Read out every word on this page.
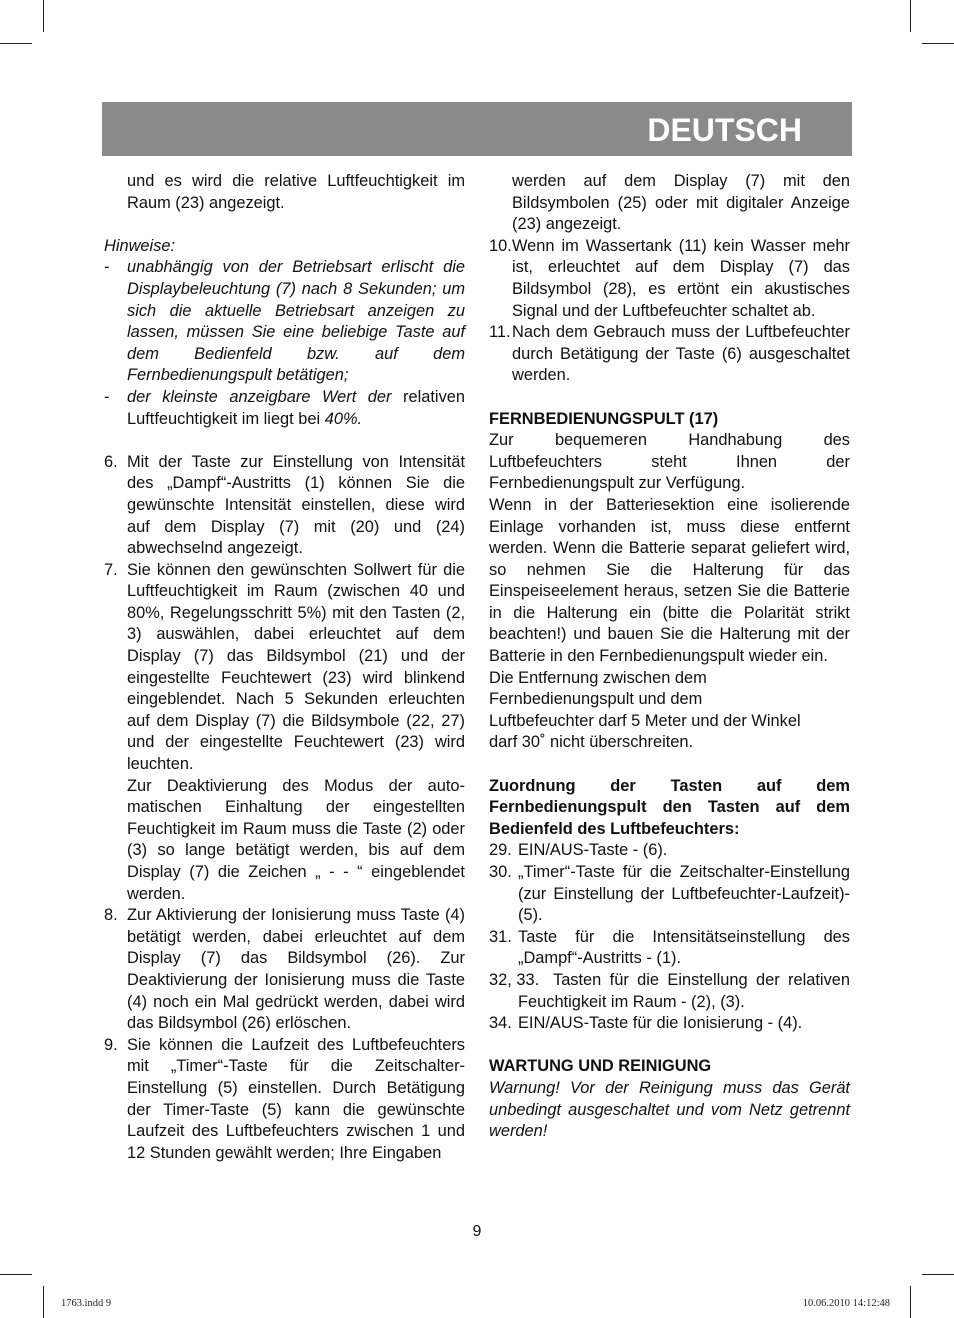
DEUTSCH

und es wird die relative Luftfeuchtigkeit im Raum (23) angezeigt.

Hinweise:

- unabhängig von der Betriebsart erlischt die Displaybeleuchtung (7) nach 8 Sekunden; um sich die aktuelle Betriebsart anzeigen zu lassen, müssen Sie eine beliebige Taste auf dem Bedienfeld bzw. auf dem Fernbedienungspult betätigen;
- der kleinste anzeigbare Wert der relativen Luftfeuchtigkeit im liegt bei 40%.
6. Mit der Taste zur Einstellung von Intensität des „Dampf“-Austritts (1) können Sie die gewünschte Intensität einstellen, diese wird auf dem Display (7) mit (20) und (24) abwechselnd angezeigt.
7. Sie können den gewünschten Sollwert für die Luftfeuchtigkeit im Raum (zwischen 40 und 80%, Regelungsschritt 5%) mit den Tasten (2, 3) auswählen, dabei erleuchtet auf dem Display (7) das Bildsymbol (21) und der eingestellte Feuchtewert (23) wird blinkend eingeblendet. Nach 5 Sekunden erleuchten auf dem Display (7) die Bildsymbole (22, 27) und der eingestellte Feuchtewert (23) wird leuchten.

Zur Deaktivierung des Modus der automatischen Einhaltung der eingestellten Feuchtigkeit im Raum muss die Taste (2) oder (3) so lange betätigt werden, bis auf dem Display (7) die Zeichen „ - - “ eingeblendet werden.

8. Zur Aktivierung der Ionisierung muss Taste (4) betätigt werden, dabei erleuchtet auf dem Display (7) das Bildsymbol (26). Zur Deaktivierung der Ionisierung muss die Taste (4) noch ein Mal gedrückt werden, dabei wird das Bildsymbol (26) erlöschen.
9. Sie können die Laufzeit des Luftbefeuchters mit „Timer“-Taste für die Zeitschalter-Einstellung (5) einstellen. Durch Betätigung der Timer-Taste (5) kann die gewünschte Laufzeit des Luftbefeuchters zwischen 1 und 12 Stunden gewählt werden; Ihre Eingaben

werden auf dem Display (7) mit den Bildsymbolen (25) oder mit digitaler Anzeige (23) angezeigt.

10. Wenn im Wassertank (11) kein Wasser mehr ist, erleuchtet auf dem Display (7) das Bildsymbol (28), es ertönt ein akustisches Signal und der Luftbefeuchter schaltet ab.
11. Nach dem Gebrauch muss der Luftbefeuchter durch Betätigung der Taste (6) ausgeschaltet werden.

FERNBEDIENUNGSPULT (17)

Zur bequemeren Handhabung des Luftbefeuchters steht Ihnen der Fernbedienungspult zur Verfügung.

Wenn in der Batteriesektion eine isolierende Einlage vorhanden ist, muss diese entfernt werden. Wenn die Batterie separat geliefert wird, so nehmen Sie die Halterung für das Einspeiseelement heraus, setzen Sie die Batterie in die Halterung ein (bitte die Polarität strikt beachten!) und bauen Sie die Halterung mit der Batterie in den Fernbedienungspult wieder ein.

Die Entfernung zwischen dem

Fernbedienungspult und dem

Luftbefeuchter darf 5 Meter und der Winkel

darf 30˚ nicht überschreiten.

Zuordnung der Tasten auf dem Fernbedienungspult den Tasten auf dem Bedienfeld des Luftbefeuchters:

29. EIN/AUS-Taste - (6).
30. „Timer“-Taste für die Zeitschalter-Einstellung (zur Einstellung der Luftbefeuchter-Laufzeit)- (5).
31. Taste für die Intensitätseinstellung des „Dampf“-Austritts - (1).
32, 33. Tasten für die Einstellung der relativen Feuchtigkeit im Raum - (2), (3).
34. EIN/AUS-Taste für die Ionisierung - (4).

WARTUNG UND REINIGUNG

Warnung! Vor der Reinigung muss das Gerät unbedingt ausgeschaltet und vom Netz getrennt werden!

9
1763.indd 9	10.06.2010 14:12:48
